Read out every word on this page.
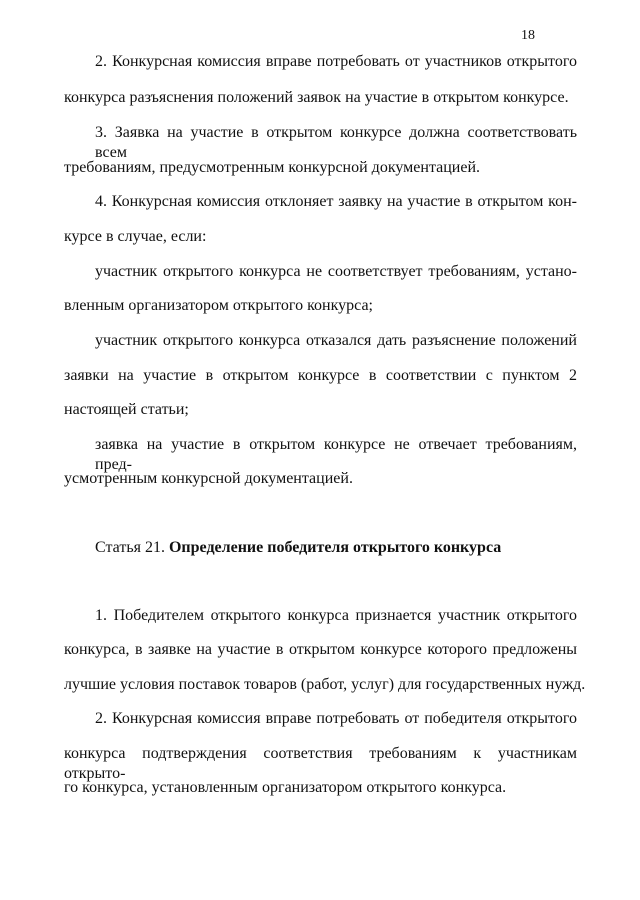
18

2. Конкурсная комиссия вправе потребовать от участников открытого

конкурса разъяснения положений заявок на участие в открытом конкурсе.

3. Заявка на участие в открытом конкурсе должна соответствовать всем

требованиям, предусмотренным конкурсной документацией.

4. Конкурсная комиссия отклоняет заявку на участие в открытом кон-

курсе в случае, если:

участник открытого конкурса не соответствует требованиям, устано-

вленным организатором открытого конкурса;

участник открытого конкурса отказался дать разъяснение положений

заявки на участие в открытом конкурсе в соответствии с пунктом 2

настоящей статьи;

заявка на участие в открытом конкурсе не отвечает требованиям, пред-

усмотренным конкурсной документацией.

Статья 21. Определение победителя открытого конкурса

1. Победителем открытого конкурса признается участник открытого

конкурса, в заявке на участие в открытом конкурсе которого предложены

лучшие условия поставок товаров (работ, услуг) для государственных нужд.

2. Конкурсная комиссия вправе потребовать от победителя открытого

конкурса подтверждения соответствия требованиям к участникам открыто-

го конкурса, установленным организатором открытого конкурса.
